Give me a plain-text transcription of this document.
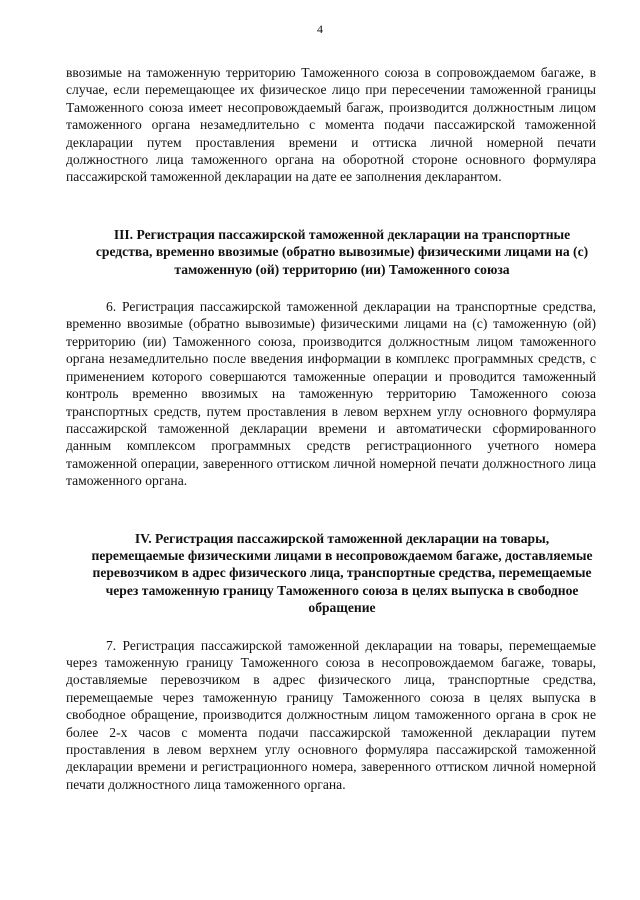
4

ввозимые на таможенную территорию Таможенного союза в сопровождаемом багаже, в случае, если перемещающее их физическое лицо при пересечении таможенной границы Таможенного союза имеет несопровождаемый багаж, производится должностным лицом таможенного органа незамедлительно с момента подачи пассажирской таможенной декларации путем проставления времени и оттиска личной номерной печати должностного лица таможенного органа на оборотной стороне основного формуляра пассажирской таможенной декларации на дате ее заполнения декларантом.

III. Регистрация пассажирской таможенной декларации на транспортные средства, временно ввозимые (обратно вывозимые) физическими лицами на (с) таможенную (ой) территорию (ии) Таможенного союза

6. Регистрация пассажирской таможенной декларации на транспортные средства, временно ввозимые (обратно вывозимые) физическими лицами на (с) таможенную (ой) территорию (ии) Таможенного союза, производится должностным лицом таможенного органа незамедлительно после введения информации в комплекс программных средств, с применением которого совершаются таможенные операции и проводится таможенный контроль временно ввозимых на таможенную территорию Таможенного союза транспортных средств, путем проставления в левом верхнем углу основного формуляра пассажирской таможенной декларации времени и автоматически сформированного данным комплексом программных средств регистрационного учетного номера таможенной операции, заверенного оттиском личной номерной печати должностного лица таможенного органа.

IV. Регистрация пассажирской таможенной декларации на товары, перемещаемые физическими лицами в несопровождаемом багаже, доставляемые перевозчиком в адрес физического лица, транспортные средства, перемещаемые через таможенную границу Таможенного союза в целях выпуска в свободное обращение

7. Регистрация пассажирской таможенной декларации на товары, перемещаемые через таможенную границу Таможенного союза в несопровождаемом багаже, товары, доставляемые перевозчиком в адрес физического лица, транспортные средства, перемещаемые через таможенную границу Таможенного союза в целях выпуска в свободное обращение, производится должностным лицом таможенного органа в срок не более 2-х часов с момента подачи пассажирской таможенной декларации путем проставления в левом верхнем углу основного формуляра пассажирской таможенной декларации времени и регистрационного номера, заверенного оттиском личной номерной печати должностного лица таможенного органа.
